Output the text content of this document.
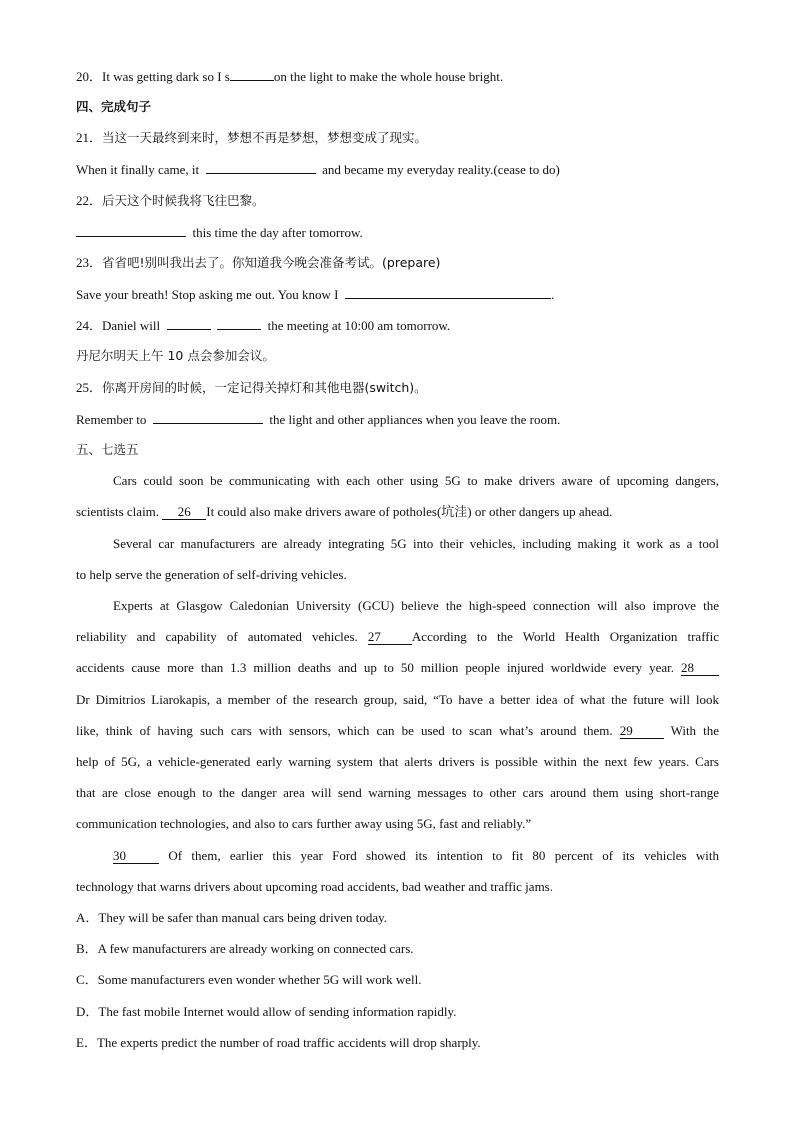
20．It was getting dark so I s	on the light to make the whole house bright.
四、完成句子
21．当这一天最终到来时，梦想不再是梦想，梦想变成了现实。
When it finally came, it	and became my everyday reality.(cease to do)
22．后天这个时候我将飞往巴黎。
this time the day after tomorrow.
23．省省吧!别叫我出去了。你知道我今晚会准备考试。(prepare)
Save your breath! Stop asking me out. You know I	.
24．Daniel will	the meeting at 10:00 am tomorrow.
丹尼尔明天上午 10 点会参加会议。
25．你离开房间的时候，一定记得关掉灯和其他电器(switch)。
Remember to	the light and other appliances when you leave the room.
五、七选五
Cars could soon be communicating with each other using 5G to make drivers aware of upcoming dangers,
scientists claim. 26 It could also make drivers aware of potholes(坑洼) or other dangers up ahead.
Several car manufacturers are already integrating 5G into their vehicles, including making it work as a tool
to help serve the generation of self-driving vehicles.
Experts at Glasgow Caledonian University (GCU) believe the high-speed connection will also improve the
reliability and capability of automated vehicles. 27 According to the World Health Organization traffic
accidents cause more than 1.3 million deaths and up to 50 million people injured worldwide every year. 28
Dr Dimitrios Liarokapis, a member of the research group, said, “To have a better idea of what the future will look
like, think of having such cars with sensors, which can be used to scan what’s around them. 29	With the
help of 5G, a vehicle-generated early warning system that alerts drivers is possible within the next few years. Cars
that are close enough to the danger area will send warning messages to other cars around them using short-range
communication technologies, and also to cars further away using 5G, fast and reliably.”
30	Of them, earlier this year Ford showed its intention to fit 80 percent of its vehicles with
technology that warns drivers about upcoming road accidents, bad weather and traffic jams.
A．They will be safer than manual cars being driven today.
B．A few manufacturers are already working on connected cars.
C．Some manufacturers even wonder whether 5G will work well.
D．The fast mobile Internet would allow of sending information rapidly.
E．The experts predict the number of road traffic accidents will drop sharply.
